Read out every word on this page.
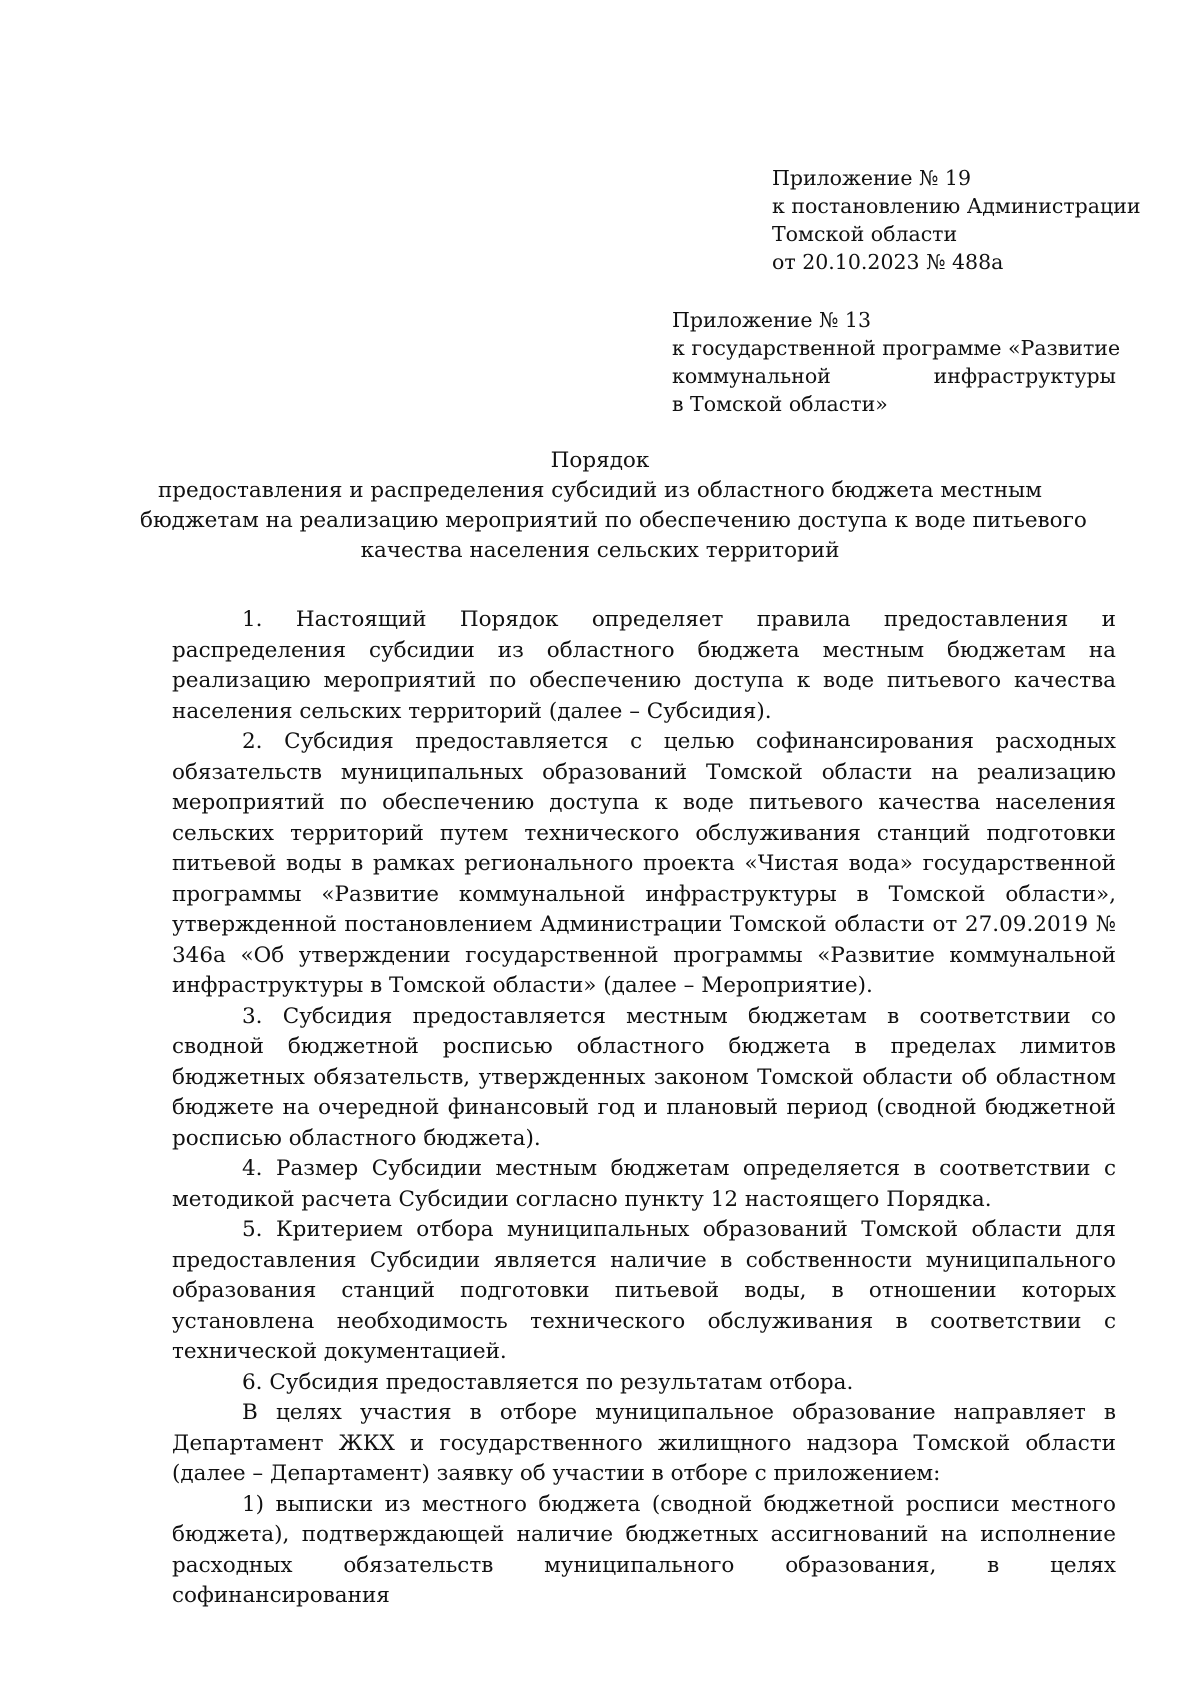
Приложение № 19
к постановлению Администрации
Томской области
от 20.10.2023 № 488а
Приложение № 13
к государственной программе «Развитие
коммунальной инфраструктуры
в Томской области»
Порядок
предоставления и распределения субсидий из областного бюджета местным
бюджетам на реализацию мероприятий по обеспечению доступа к воде питьевого
качества населения сельских территорий

1. Настоящий Порядок определяет правила предоставления и распределения субсидии из областного бюджета местным бюджетам на реализацию мероприятий по обеспечению доступа к воде питьевого качества населения сельских территорий (далее – Субсидия).

2. Субсидия предоставляется с целью софинансирования расходных обязательств муниципальных образований Томской области на реализацию мероприятий по обеспечению доступа к воде питьевого качества населения сельских территорий путем технического обслуживания станций подготовки питьевой воды в рамках регионального проекта «Чистая вода» государственной программы «Развитие коммунальной инфраструктуры в Томской области», утвержденной постановлением Администрации Томской области от 27.09.2019 № 346а «Об утверждении государственной программы «Развитие коммунальной инфраструктуры в Томской области» (далее – Мероприятие).

3. Субсидия предоставляется местным бюджетам в соответствии со сводной бюджетной росписью областного бюджета в пределах лимитов бюджетных обязательств, утвержденных законом Томской области об областном бюджете на очередной финансовый год и плановый период (сводной бюджетной росписью областного бюджета).

4. Размер Субсидии местным бюджетам определяется в соответствии с методикой расчета Субсидии согласно пункту 12 настоящего Порядка.

5. Критерием отбора муниципальных образований Томской области для предоставления Субсидии является наличие в собственности муниципального образования станций подготовки питьевой воды, в отношении которых установлена необходимость технического обслуживания в соответствии с технической документацией.

6. Субсидия предоставляется по результатам отбора.

В целях участия в отборе муниципальное образование направляет в Департамент ЖКХ и государственного жилищного надзора Томской области (далее – Департамент) заявку об участии в отборе с приложением:

1) выписки из местного бюджета (сводной бюджетной росписи местного бюджета), подтверждающей наличие бюджетных ассигнований на исполнение расходных обязательств муниципального образования, в целях софинансирования
